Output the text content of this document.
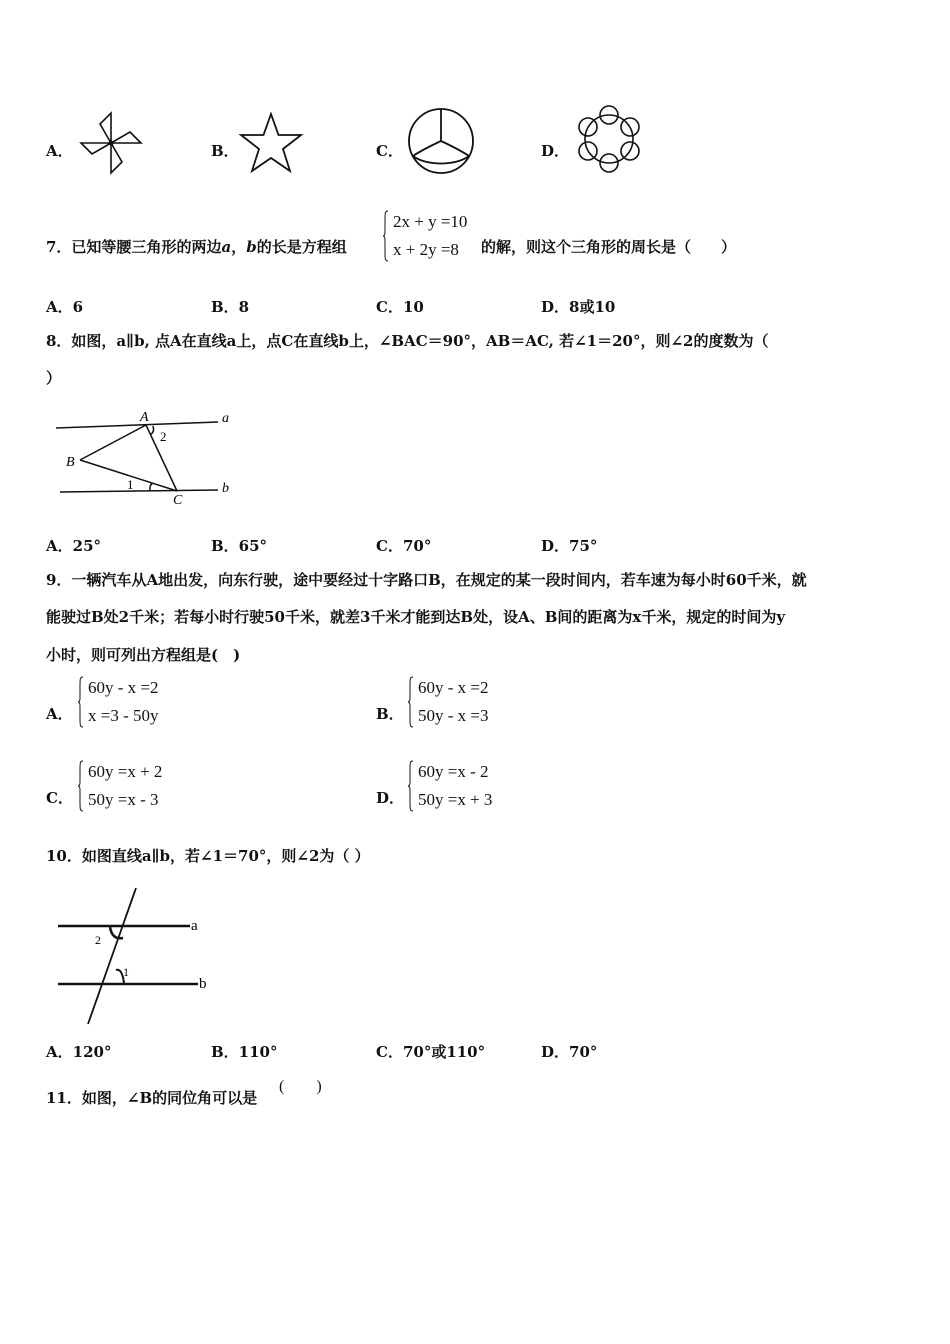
A．	B．	C．	D．
7．已知等腰三角形的两边a，b的长是方程组
2x + y =10
x + 2y =8	的解，则这个三角形的周长是（　　）
A．6	B．8	C．10	D．8或10
8．如图，a∥b, 点A在直线a上，点C在直线b上，∠BAC＝90°，AB＝AC, 若∠1＝20°，则∠2的度数为（
）
A
B
C
a
b
1
2
A．25°	B．65°	C．70°	D．75°
9．一辆汽车从A地出发，向东行驶，途中要经过十字路口B，在规定的某一段时间内，若车速为每小时60千米，就
能驶过B处2千米；若每小时行驶50千米，就差3千米才能到达B处，设A、B间的距离为x千米，规定的时间为y
小时，则可列出方程组是(　)
A．
60y - x =2
x =3 - 50y	B．
60y - x =2
50y - x =3
C．
60y =x + 2
50y =x - 3	D．
60y =x - 2
50y =x + 3
10．如图直线a∥b，若∠1＝70°，则∠2为（ ）
a
b
1
2
A．120°	B．110°	C．70°或110°	D．70°
11．如图，∠B的同位角可以是
(　　)
